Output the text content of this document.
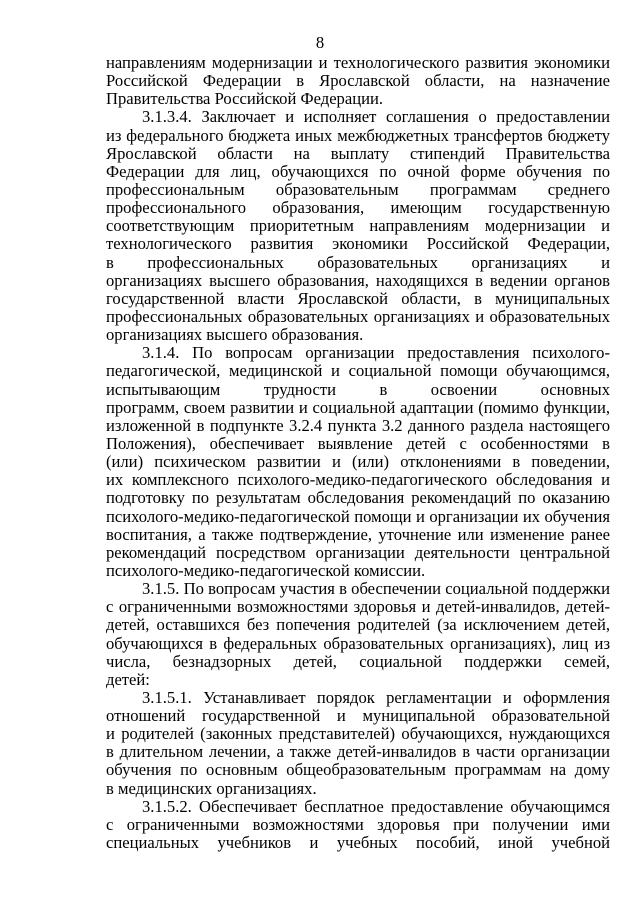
8
направлениям модернизации и технологического развития экономики
Российской Федерации в Ярославской области, на назначение
Правительства Российской Федерации.
3.1.3.4. Заключает и исполняет соглашения о предоставлении
из федерального бюджета иных межбюджетных трансфертов бюджету
Ярославской области на выплату стипендий Правительства
Федерации для лиц, обучающихся по очной форме обучения по
профессиональным образовательным программам среднего
профессионального образования, имеющим государственную
соответствующим приоритетным направлениям модернизации и
технологического развития экономики Российской Федерации,
в профессиональных образовательных организациях и
организациях высшего образования, находящихся в ведении органов
государственной власти Ярославской области, в муниципальных
профессиональных образовательных организациях и образовательных
организациях высшего образования.
3.1.4. По вопросам организации предоставления психолого-
педагогической, медицинской и социальной помощи обучающимся,
испытывающим трудности в освоении основных
программ, своем развитии и социальной адаптации (помимо функции,
изложенной в подпункте 3.2.4 пункта 3.2 данного раздела настоящего
Положения), обеспечивает выявление детей с особенностями в
(или) психическом развитии и (или) отклонениями в поведении,
их комплексного психолого-медико-педагогического обследования и
подготовку по результатам обследования рекомендаций по оказанию
психолого-медико-педагогической помощи и организации их обучения
воспитания, а также подтверждение, уточнение или изменение ранее
рекомендаций посредством организации деятельности центральной
психолого-медико-педагогической комиссии.
3.1.5. По вопросам участия в обеспечении социальной поддержки
с ограниченными возможностями здоровья и детей-инвалидов, детей-
детей, оставшихся без попечения родителей (за исключением детей,
обучающихся в федеральных образовательных организациях), лиц из
числа, безнадзорных детей, социальной поддержки семей,
детей:
3.1.5.1. Устанавливает порядок регламентации и оформления
отношений государственной и муниципальной образовательной
и родителей (законных представителей) обучающихся, нуждающихся
в длительном лечении, а также детей-инвалидов в части организации
обучения по основным общеобразовательным программам на дому
в медицинских организациях.
3.1.5.2. Обеспечивает бесплатное предоставление обучающимся
с ограниченными возможностями здоровья при получении ими
специальных учебников и учебных пособий, иной учебной
